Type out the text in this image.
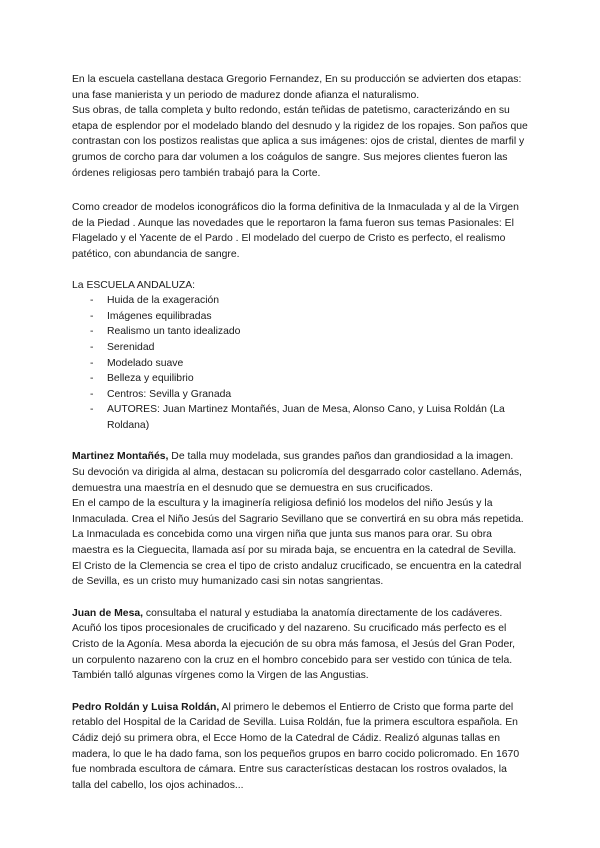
En la escuela castellana destaca Gregorio Fernandez, En su producción se advierten dos etapas: una fase manierista y un periodo de madurez donde afianza el naturalismo.

Sus obras, de talla completa y bulto redondo, están teñidas de patetismo, caracterizándo en su etapa de esplendor por el modelado blando del desnudo y la rigidez de los ropajes. Son paños que contrastan con los postizos realistas que aplica a sus imágenes: ojos de cristal, dientes de marfil y grumos de corcho para dar volumen a los coágulos de sangre. Sus mejores clientes fueron las órdenes religiosas pero también trabajó para la Corte.

Como creador de modelos iconográficos dio la forma definitiva de la Inmaculada y al de la Virgen de la Piedad . Aunque las novedades que le reportaron la fama fueron sus temas Pasionales: El Flagelado y el Yacente de el Pardo . El modelado del cuerpo de Cristo es perfecto, el realismo patético, con abundancia de sangre.

La ESCUELA ANDALUZA:

- Huida de la exageración
- Imágenes equilibradas
- Realismo un tanto idealizado
- Serenidad
- Modelado suave
- Belleza y equilibrio
- Centros: Sevilla y Granada
- AUTORES: Juan Martinez Montañés, Juan de Mesa, Alonso Cano, y Luisa Roldán (La Roldana)

Martinez Montañés, De talla muy modelada, sus grandes paños dan grandiosidad a la imagen. Su devoción va dirigida al alma, destacan su policromía del desgarrado color castellano. Además, demuestra una maestría en el desnudo que se demuestra en sus crucificados.

En el campo de la escultura y la imaginería religiosa definió los modelos del niño Jesús y la Inmaculada. Crea el Niño Jesús del Sagrario Sevillano que se convertirá en su obra más repetida. La Inmaculada es concebida como una virgen niña que junta sus manos para orar. Su obra maestra es la Cieguecita, llamada así por su mirada baja, se encuentra en la catedral de Sevilla. El Cristo de la Clemencia se crea el tipo de cristo andaluz crucificado, se encuentra en la catedral de Sevilla, es un cristo muy humanizado casi sin notas sangrientas.

Juan de Mesa, consultaba el natural y estudiaba la anatomía directamente de los cadáveres. Acuñó los tipos procesionales de crucificado y del nazareno. Su crucificado más perfecto es el Cristo de la Agonía. Mesa aborda la ejecución de su obra más famosa, el Jesús del Gran Poder, un corpulento nazareno con la cruz en el hombro concebido para ser vestido con túnica de tela. También talló algunas vírgenes como la Virgen de las Angustias.

Pedro Roldán y Luisa Roldán, Al primero le debemos el Entierro de Cristo que forma parte del retablo del Hospital de la Caridad de Sevilla. Luisa Roldán, fue la primera escultora española. En Cádiz dejó su primera obra, el Ecce Homo de la Catedral de Cádiz. Realizó algunas tallas en madera, lo que le ha dado fama, son los pequeños grupos en barro cocido policromado. En 1670 fue nombrada escultora de cámara. Entre sus características destacan los rostros ovalados, la talla del cabello, los ojos achinados...
